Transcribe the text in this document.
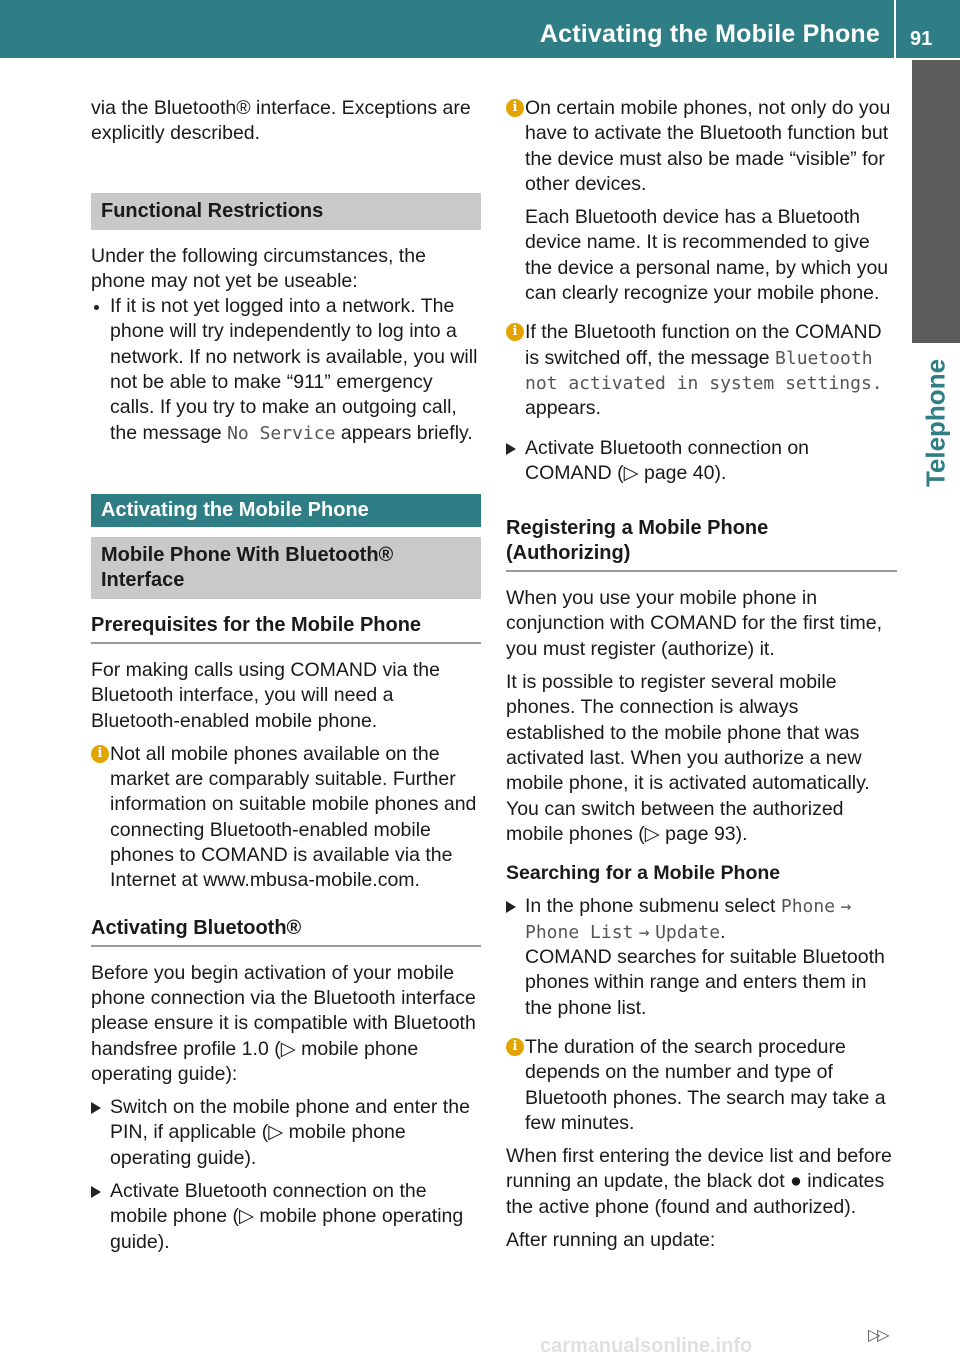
Activating the Mobile Phone 91
Telephone

via the Bluetooth® interface. Exceptions are explicitly described.

Functional Restrictions

Under the following circumstances, the phone may not yet be useable:

If it is not yet logged into a network. The phone will try independently to log into a network. If no network is available, you will not be able to make “911” emergency calls. If you try to make an outgoing call, the message No Service appears briefly.
Activating the Mobile Phone
Mobile Phone With Bluetooth® Interface
Prerequisites for the Mobile Phone

For making calls using COMAND via the Bluetooth interface, you will need a Bluetooth-enabled mobile phone.

i Not all mobile phones available on the market are comparably suitable. Further information on suitable mobile phones and connecting Bluetooth-enabled mobile phones to COMAND is available via the Internet at www.mbusa-mobile.com.
Activating Bluetooth®

Before you begin activation of your mobile phone connection via the Bluetooth interface please ensure it is compatible with Bluetooth handsfree profile 1.0 (▷ mobile phone operating guide):

Switch on the mobile phone and enter the PIN, if applicable (▷ mobile phone operating guide).
Activate Bluetooth connection on the mobile phone (▷ mobile phone operating guide).
i On certain mobile phones, not only do you have to activate the Bluetooth function but the device must also be made “visible” for other devices.

Each Bluetooth device has a Bluetooth device name. It is recommended to give the device a personal name, by which you can clearly recognize your mobile phone.

i If the Bluetooth function on the COMAND is switched off, the message Bluetooth not activated in system settings. appears.
Activate Bluetooth connection on COMAND (▷ page 40).
Registering a Mobile Phone (Authorizing)

When you use your mobile phone in conjunction with COMAND for the first time, you must register (authorize) it.

It is possible to register several mobile phones. The connection is always established to the mobile phone that was activated last. When you authorize a new mobile phone, it is activated automatically. You can switch between the authorized mobile phones (▷ page 93).

Searching for a Mobile Phone

In the phone submenu select Phone → Phone List → Update.
COMAND searches for suitable Bluetooth phones within range and enters them in the phone list.
i The duration of the search procedure depends on the number and type of Bluetooth phones. The search may take a few minutes.

When first entering the device list and before running an update, the black dot ● indicates the active phone (found and authorized).

After running an update:

▷▷
carmanualsonline.info
